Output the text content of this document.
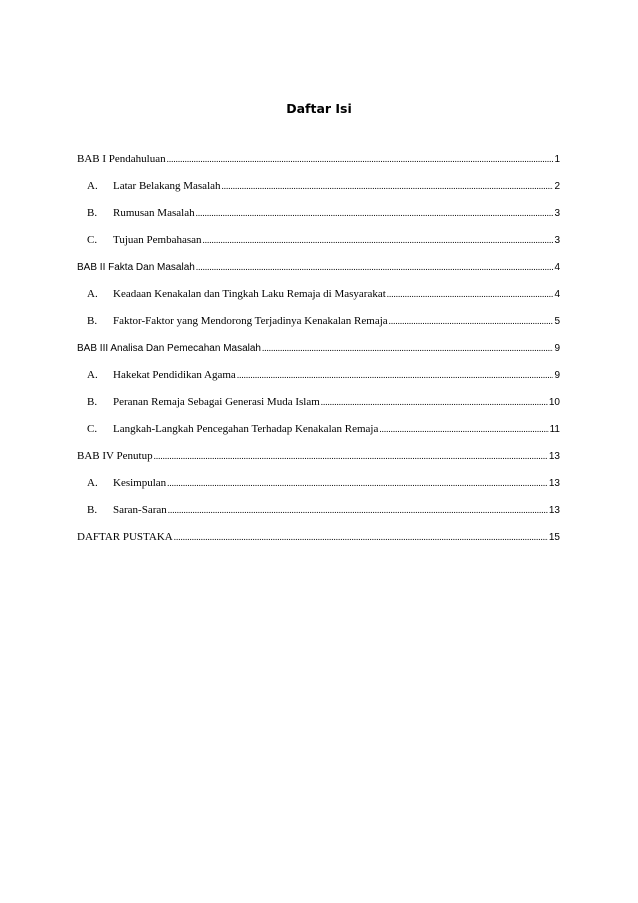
Daftar Isi
BAB I Pendahuluan .....	1
A.	Latar Belakang Masalah .....	2
B.	Rumusan Masalah .....	3
C.	Tujuan Pembahasan .....	3
BAB II Fakta Dan Masalah .....	4
A.	Keadaan Kenakalan dan Tingkah Laku Remaja di Masyarakat .....	4
B.	Faktor-Faktor yang Mendorong Terjadinya Kenakalan Remaja .....	5
BAB III Analisa Dan Pemecahan Masalah .....	9
A.	Hakekat Pendidikan Agama .....	9
B.	Peranan Remaja Sebagai Generasi Muda Islam .....	10
C.	Langkah-Langkah Pencegahan Terhadap Kenakalan Remaja .....	11
BAB IV Penutup .....	13
A.	Kesimpulan .....	13
B.	Saran-Saran .....	13
DAFTAR PUSTAKA .....	15
